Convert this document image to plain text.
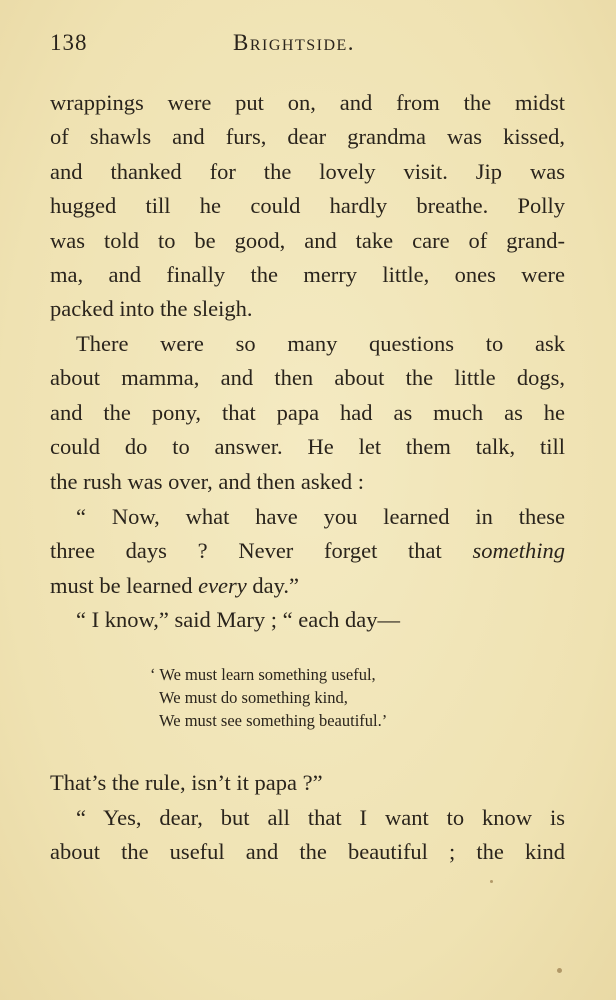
138	Brightside.
wrappings were put on, and from the midst
of shawls and furs, dear grandma was kissed,
and thanked for the lovely visit. Jip was
hugged till he could hardly breathe. Polly
was told to be good, and take care of grand-
ma, and finally the merry little, ones were
packed into the sleigh.
There were so many questions to ask
about mamma, and then about the little dogs,
and the pony, that papa had as much as he
could do to answer. He let them talk, till
the rush was over, and then asked :
“ Now, what have you learned in these
three days ? Never forget that something
must be learned every day.”
“ I know,” said Mary ; “ each day—
‘ We must learn something useful,
We must do something kind,
We must see something beautiful.’
That’s the rule, isn’t it papa ?”
“ Yes, dear, but all that I want to know is
about the useful and the beautiful ; the kind
